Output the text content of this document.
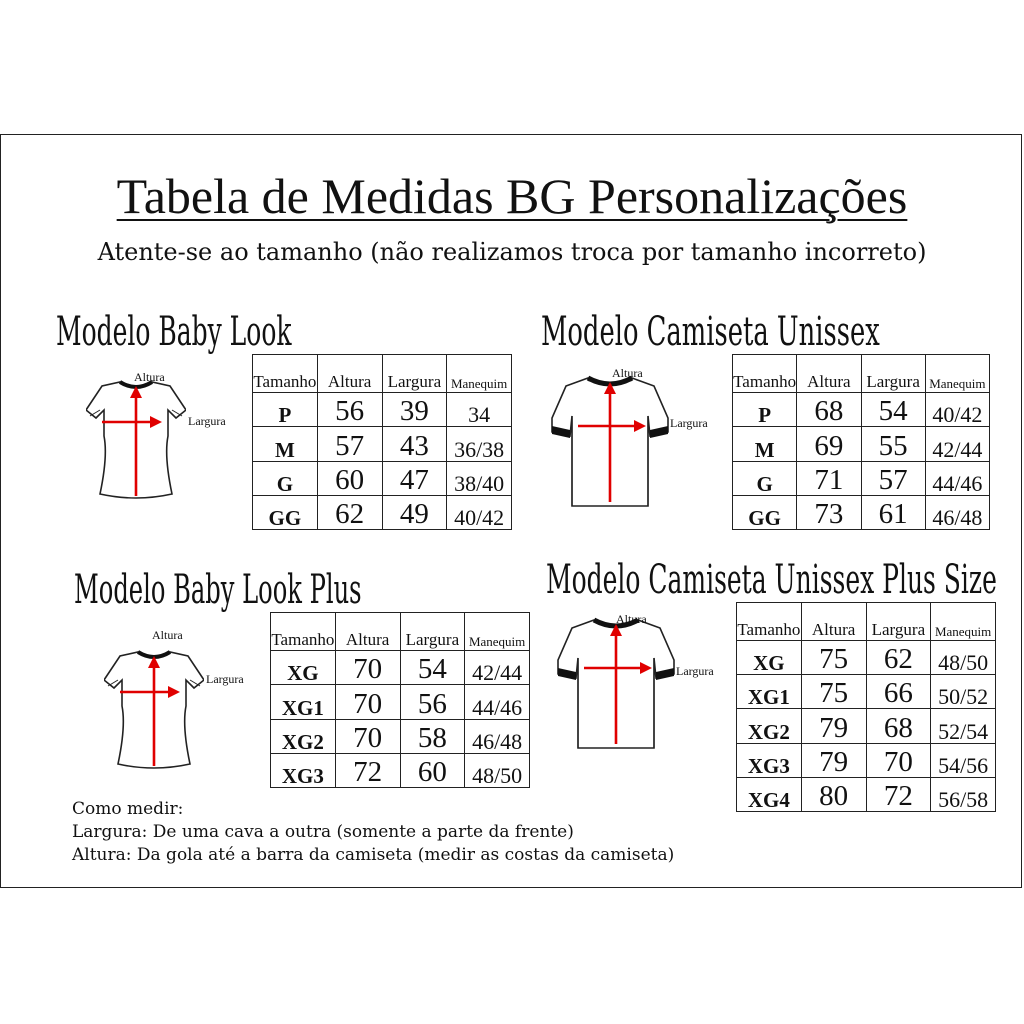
Tabela de Medidas BG Personalizações
Atente-se ao tamanho (não realizamos troca por tamanho incorreto)
Modelo Baby Look
Altura
Largura
Tamanho	Altura	Largura	Manequim
P	56	39	34
M	57	43	36/38
G	60	47	38/40
GG	62	49	40/42
Modelo Camiseta Unissex
Altura
Largura
Tamanho	Altura	Largura	Manequim
P	68	54	40/42
M	69	55	42/44
G	71	57	44/46
GG	73	61	46/48
Modelo Baby Look Plus
Altura
Largura
Tamanho	Altura	Largura	Manequim
XG	70	54	42/44
XG1	70	56	44/46
XG2	70	58	46/48
XG3	72	60	48/50
Modelo Camiseta Unissex Plus Size
Altura
Largura
Tamanho	Altura	Largura	Manequim
XG	75	62	48/50
XG1	75	66	50/52
XG2	79	68	52/54
XG3	79	70	54/56
XG4	80	72	56/58
Como medir:
Largura: De uma cava a outra (somente a parte da frente)
Altura: Da gola até a barra da camiseta (medir as costas da camiseta)
